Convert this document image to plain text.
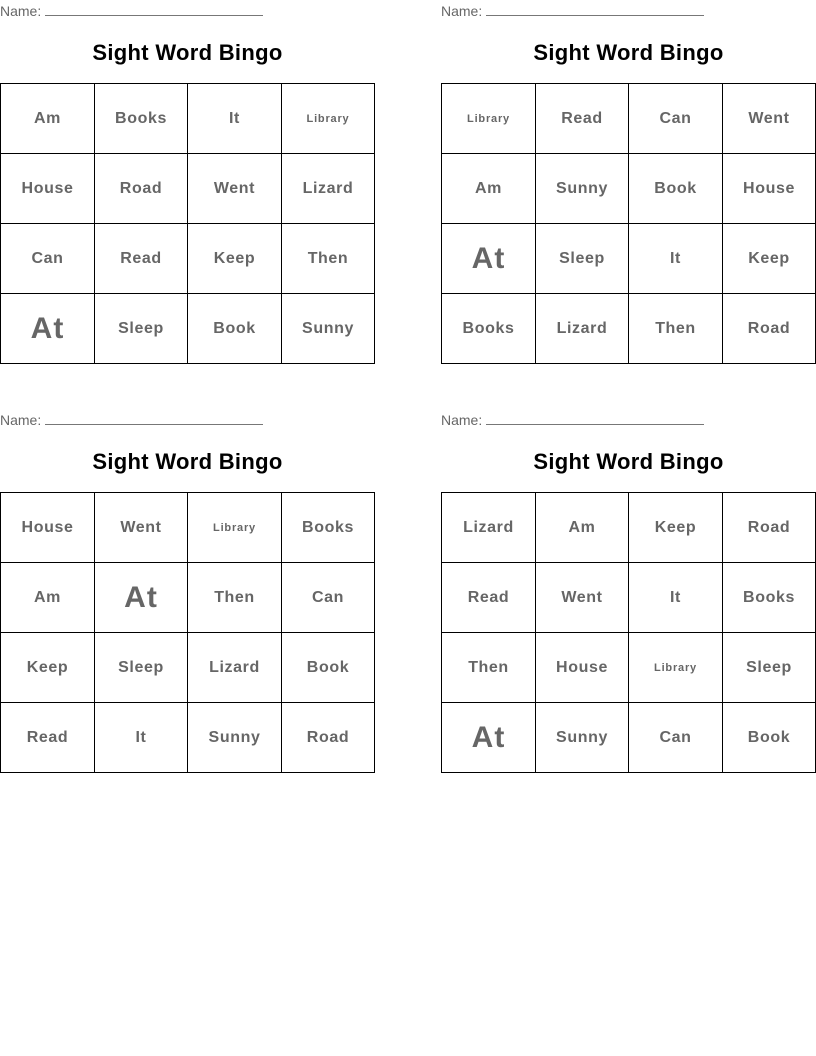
Name:
Sight Word Bingo
Am	Books	It	Library
House	Road	Went	Lizard
Can	Read	Keep	Then
At	Sleep	Book	Sunny
Name:
Sight Word Bingo
Library	Read	Can	Went
Am	Sunny	Book	House
At	Sleep	It	Keep
Books	Lizard	Then	Road
Name:
Sight Word Bingo
House	Went	Library	Books
Am	At	Then	Can
Keep	Sleep	Lizard	Book
Read	It	Sunny	Road
Name:
Sight Word Bingo
Lizard	Am	Keep	Road
Read	Went	It	Books
Then	House	Library	Sleep
At	Sunny	Can	Book
